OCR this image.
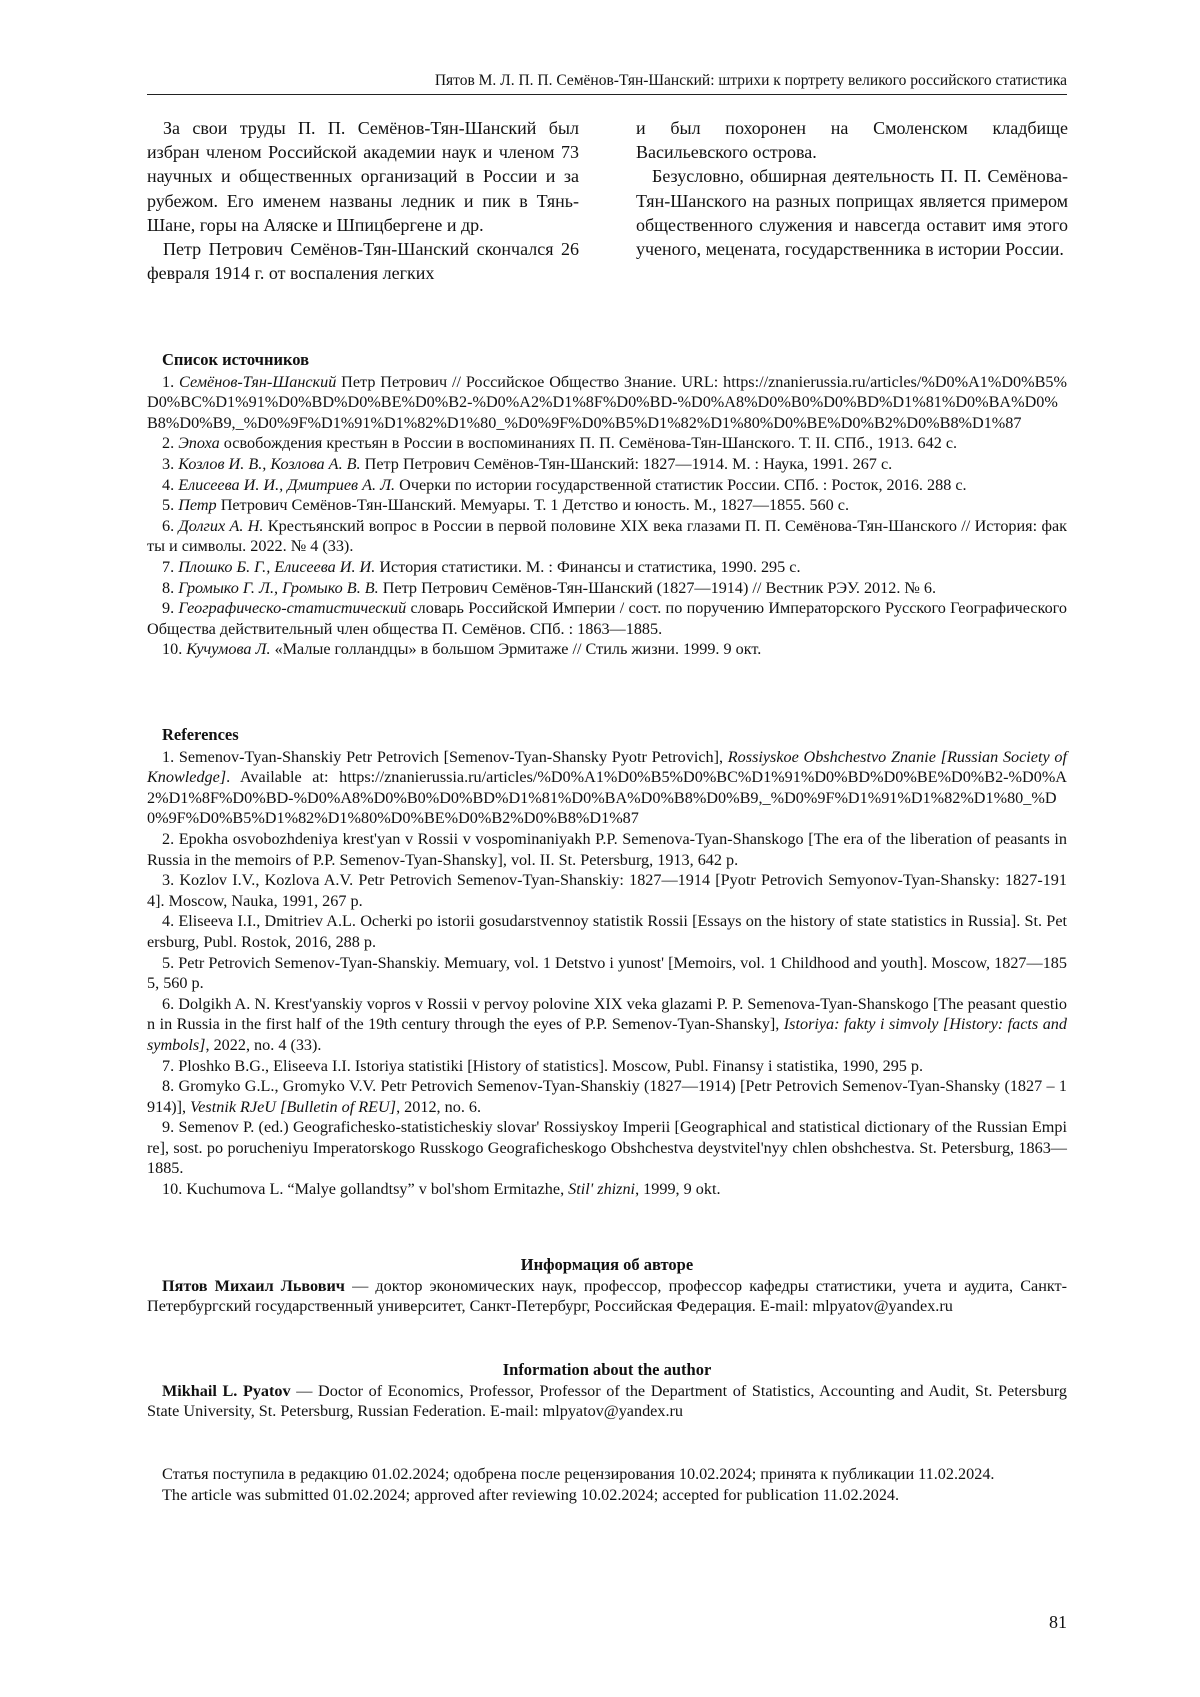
Пятов М. Л. П. П. Семёнов-Тян-Шанский: штрихи к портрету великого российского статистика

За свои труды П. П. Семёнов-Тян-Шанский был избран членом Российской академии наук и членом 73 научных и общественных организаций в России и за рубежом. Его именем названы ледник и пик в Тянь-Шане, горы на Аляске и Шпицбергене и др.

Петр Петрович Семёнов-Тян-Шанский скончался 26 февраля 1914 г. от воспаления легких

и был похоронен на Смоленском кладбище Васильевского острова.

Безусловно, обширная деятельность П. П. Семёнова-Тян-Шанского на разных поприщах является примером общественного служения и навсегда оставит имя этого ученого, мецената, государственника в истории России.

Список источников

1. Семёнов-Тян-Шанский Петр Петрович // Российское Общество Знание. URL: https://znanierussia.ru/articles/%D0%A1%D0%B5%D0%BC%D1%91%D0%BD%D0%BE%D0%B2-%D0%A2%D1%8F%D0%BD-%D0%A8%D0%B0%D0%BD%D1%81%D0%BA%D0%B8%D0%B9,_%D0%9F%D1%91%D1%82%D1%80_%D0%9F%D0%B5%D1%82%D1%80%D0%BE%D0%B2%D0%B8%D1%87

2. Эпоха освобождения крестьян в России в воспоминаниях П. П. Семёнова-Тян-Шанского. Т. II. СПб., 1913. 642 с.

3. Козлов И. В., Козлова А. В. Петр Петрович Семёнов-Тян-Шанский: 1827—1914. М. : Наука, 1991. 267 с.

4. Елисеева И. И., Дмитриев А. Л. Очерки по истории государственной статистик России. СПб. : Росток, 2016. 288 с.

5. Петр Петрович Семёнов-Тян-Шанский. Мемуары. Т. 1 Детство и юность. М., 1827—1855. 560 с.

6. Долгих А. Н. Крестьянский вопрос в России в первой половине XIX века глазами П. П. Семёнова-Тян-Шанского // История: факты и символы. 2022. № 4 (33).

7. Плошко Б. Г., Елисеева И. И. История статистики. М. : Финансы и статистика, 1990. 295 с.

8. Громыко Г. Л., Громыко В. В. Петр Петрович Семёнов-Тян-Шанский (1827—1914) // Вестник РЭУ. 2012. № 6.

9. Географическо-статистический словарь Российской Империи / сост. по поручению Императорского Русского Географического Общества действительный член общества П. Семёнов. СПб. : 1863—1885.

10. Кучумова Л. «Малые голландцы» в большом Эрмитаже // Стиль жизни. 1999. 9 окт.

References

1. Semenov-Tyan-Shanskiy Petr Petrovich [Semenov-Tyan-Shansky Pyotr Petrovich], Rossiyskoe Obshchestvo Znanie [Russian Society of Knowledge]. Available at: https://znanierussia.ru/articles/%D0%A1%D0%B5%D0%BC%D1%91%D0%BD%D0%BE%D0%B2-%D0%A2%D1%8F%D0%BD-%D0%A8%D0%B0%D0%BD%D1%81%D0%BA%D0%B8%D0%B9,_%D0%9F%D1%91%D1%82%D1%80_%D0%9F%D0%B5%D1%82%D1%80%D0%BE%D0%B2%D0%B8%D1%87

2. Epokha osvobozhdeniya krest'yan v Rossii v vospominaniyakh P.P. Semenova-Tyan-Shanskogo [The era of the liberation of peasants in Russia in the memoirs of P.P. Semenov-Tyan-Shansky], vol. II. St. Petersburg, 1913, 642 p.

3. Kozlov I.V., Kozlova A.V. Petr Petrovich Semenov-Tyan-Shanskiy: 1827—1914 [Pyotr Petrovich Semyonov-Tyan-Shansky: 1827-1914]. Moscow, Nauka, 1991, 267 p.

4. Eliseeva I.I., Dmitriev A.L. Ocherki po istorii gosudarstvennoy statistik Rossii [Essays on the history of state statistics in Russia]. St. Petersburg, Publ. Rostok, 2016, 288 p.

5. Petr Petrovich Semenov-Tyan-Shanskiy. Memuary, vol. 1 Detstvo i yunost' [Memoirs, vol. 1 Childhood and youth]. Moscow, 1827—1855, 560 p.

6. Dolgikh A. N. Krest'yanskiy vopros v Rossii v pervoy polovine XIX veka glazami P. P. Semenova-Tyan-Shanskogo [The peasant question in Russia in the first half of the 19th century through the eyes of P.P. Semenov-Tyan-Shansky], Istoriya: fakty i simvoly [History: facts and symbols], 2022, no. 4 (33).

7. Ploshko B.G., Eliseeva I.I. Istoriya statistiki [History of statistics]. Moscow, Publ. Finansy i statistika, 1990, 295 p.

8. Gromyko G.L., Gromyko V.V. Petr Petrovich Semenov-Tyan-Shanskiy (1827—1914) [Petr Petrovich Semenov-Tyan-Shansky (1827 – 1914)], Vestnik RJeU [Bulletin of REU], 2012, no. 6.

9. Semenov P. (ed.) Geograficheskо-statisticheskiy slovar' Rossiyskoy Imperii [Geographical and statistical dictionary of the Russian Empire], sost. po porucheniyu Imperatorskogo Russkogo Geograficheskogo Obshchestva deystvitel'nyy chlen obshchestva. St. Petersburg, 1863—1885.

10. Kuchumova L. “Malye gollandtsy” v bol'shom Ermitazhe, Stil' zhizni, 1999, 9 okt.

Информация об авторе

Пятов Михаил Львович — доктор экономических наук, профессор, профессор кафедры статистики, учета и аудита, Санкт-Петербургский государственный университет, Санкт-Петербург, Российская Федерация. E-mail: mlpyatov@yandex.ru

Information about the author

Mikhail L. Pyatov — Doctor of Economics, Professor, Professor of the Department of Statistics, Accounting and Audit, St. Petersburg State University, St. Petersburg, Russian Federation. E-mail: mlpyatov@yandex.ru

Статья поступила в редакцию 01.02.2024; одобрена после рецензирования 10.02.2024; принята к публикации 11.02.2024.

The article was submitted 01.02.2024; approved after reviewing 10.02.2024; accepted for publication 11.02.2024.

81
